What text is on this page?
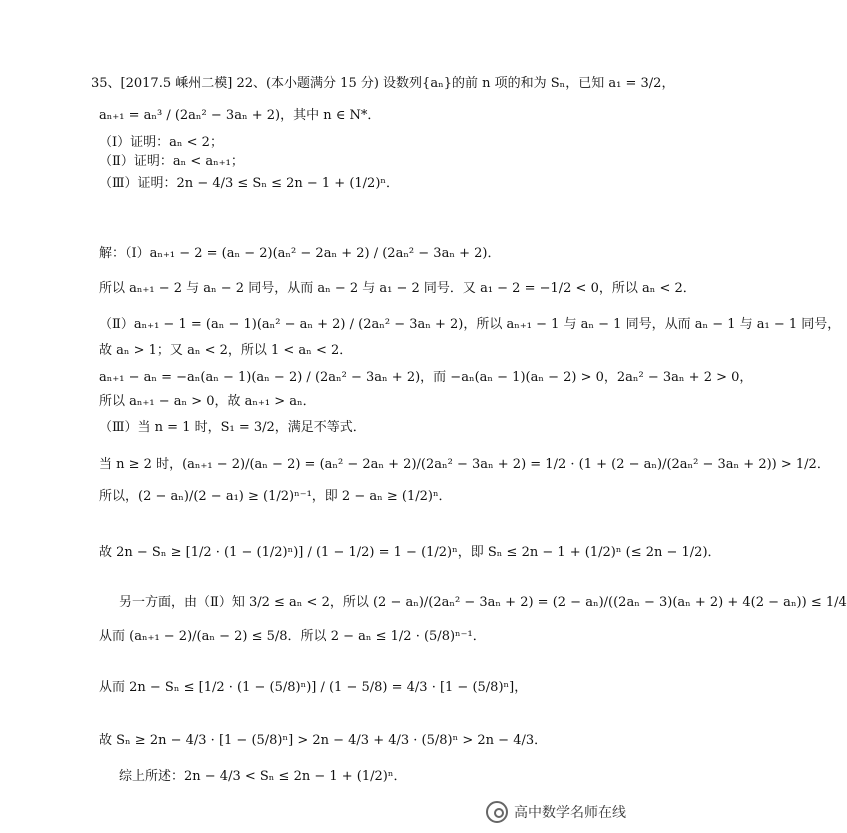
35、[2017.5 嵊州二模] 22、(本小题满分 15 分) 设数列{aₙ}的前 n 项的和为 Sₙ，已知 a₁ = 3/2，
aₙ₊₁ = aₙ³ / (2aₙ² − 3aₙ + 2)，其中 n ∈ N*．
（Ⅰ）证明：aₙ < 2；
（Ⅱ）证明：aₙ < aₙ₊₁；
（Ⅲ）证明：2n − 4/3 ≤ Sₙ ≤ 2n − 1 + (1/2)ⁿ．
解：（Ⅰ）aₙ₊₁ − 2 = (aₙ − 2)(aₙ² − 2aₙ + 2) / (2aₙ² − 3aₙ + 2)．
所以 aₙ₊₁ − 2 与 aₙ − 2 同号，从而 aₙ − 2 与 a₁ − 2 同号．又 a₁ − 2 = −1/2 < 0，所以 aₙ < 2．
（Ⅱ）aₙ₊₁ − 1 = (aₙ − 1)(aₙ² − aₙ + 2) / (2aₙ² − 3aₙ + 2)，所以 aₙ₊₁ − 1 与 aₙ − 1 同号，从而 aₙ − 1 与 a₁ − 1 同号，
故 aₙ > 1；又 aₙ < 2，所以 1 < aₙ < 2．
aₙ₊₁ − aₙ = −aₙ(aₙ − 1)(aₙ − 2) / (2aₙ² − 3aₙ + 2)，而 −aₙ(aₙ − 1)(aₙ − 2) > 0，2aₙ² − 3aₙ + 2 > 0，
所以 aₙ₊₁ − aₙ > 0，故 aₙ₊₁ > aₙ．
（Ⅲ）当 n = 1 时，S₁ = 3/2，满足不等式．
当 n ≥ 2 时，(aₙ₊₁ − 2)/(aₙ − 2) = (aₙ² − 2aₙ + 2)/(2aₙ² − 3aₙ + 2) = 1/2 · (1 + (2 − aₙ)/(2aₙ² − 3aₙ + 2)) > 1/2．
所以，(2 − aₙ)/(2 − a₁) ≥ (1/2)ⁿ⁻¹，即 2 − aₙ ≥ (1/2)ⁿ．
故 2n − Sₙ ≥ [1/2 · (1 − (1/2)ⁿ)] / (1 − 1/2) = 1 − (1/2)ⁿ，即 Sₙ ≤ 2n − 1 + (1/2)ⁿ (≤ 2n − 1/2)．
另一方面，由（Ⅱ）知 3/2 ≤ aₙ < 2，所以 (2 − aₙ)/(2aₙ² − 3aₙ + 2) = (2 − aₙ)/((2aₙ − 3)(aₙ + 2) + 4(2 − aₙ)) ≤ 1/4
从而 (aₙ₊₁ − 2)/(aₙ − 2) ≤ 5/8．所以 2 − aₙ ≤ 1/2 · (5/8)ⁿ⁻¹．
从而 2n − Sₙ ≤ [1/2 · (1 − (5/8)ⁿ)] / (1 − 5/8) = 4/3 · [1 − (5/8)ⁿ]，
故 Sₙ ≥ 2n − 4/3 · [1 − (5/8)ⁿ] > 2n − 4/3 + 4/3 · (5/8)ⁿ > 2n − 4/3．
综上所述：2n − 4/3 < Sₙ ≤ 2n − 1 + (1/2)ⁿ．
高中数学名师在线
